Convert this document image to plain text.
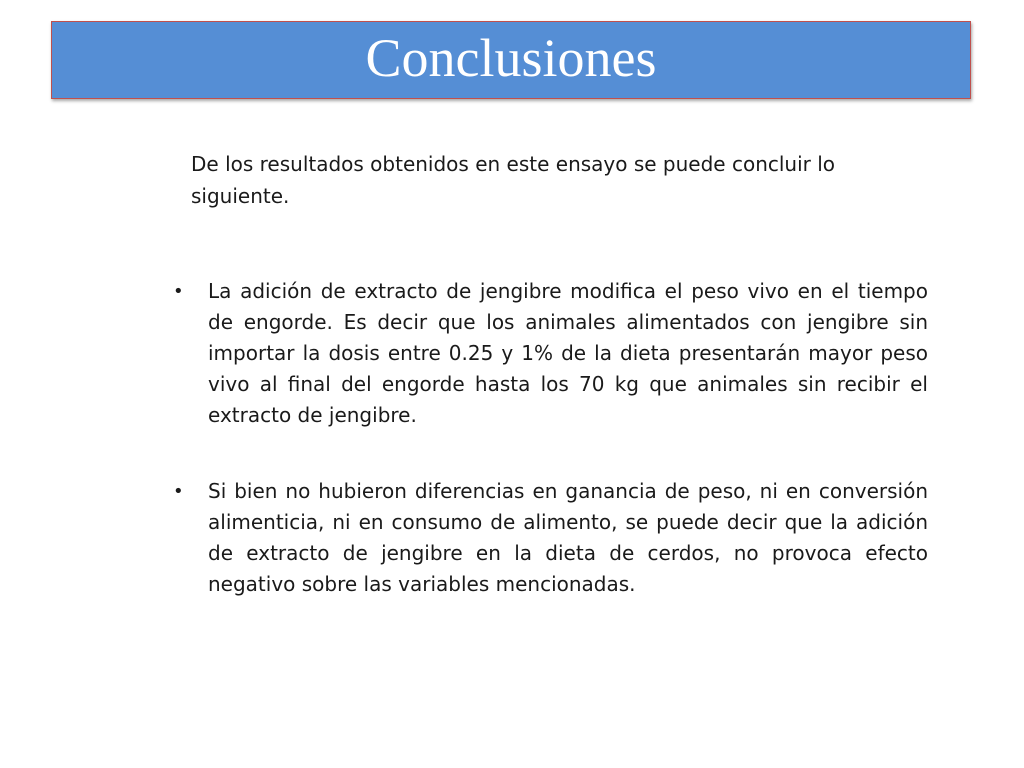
Conclusiones

De los resultados obtenidos en este ensayo se puede concluir lo siguiente.

• La adición de extracto de jengibre modifica el peso vivo en el tiempo de engorde. Es decir que los animales alimentados con jengibre sin importar la dosis entre 0.25 y 1% de la dieta presentarán mayor peso vivo al final del engorde hasta los 70 kg que animales sin recibir el extracto de jengibre.
• Si bien no hubieron diferencias en ganancia de peso, ni en conversión alimenticia, ni en consumo de alimento, se puede decir que la adición de extracto de jengibre en la dieta de cerdos, no provoca efecto negativo sobre las variables mencionadas.
